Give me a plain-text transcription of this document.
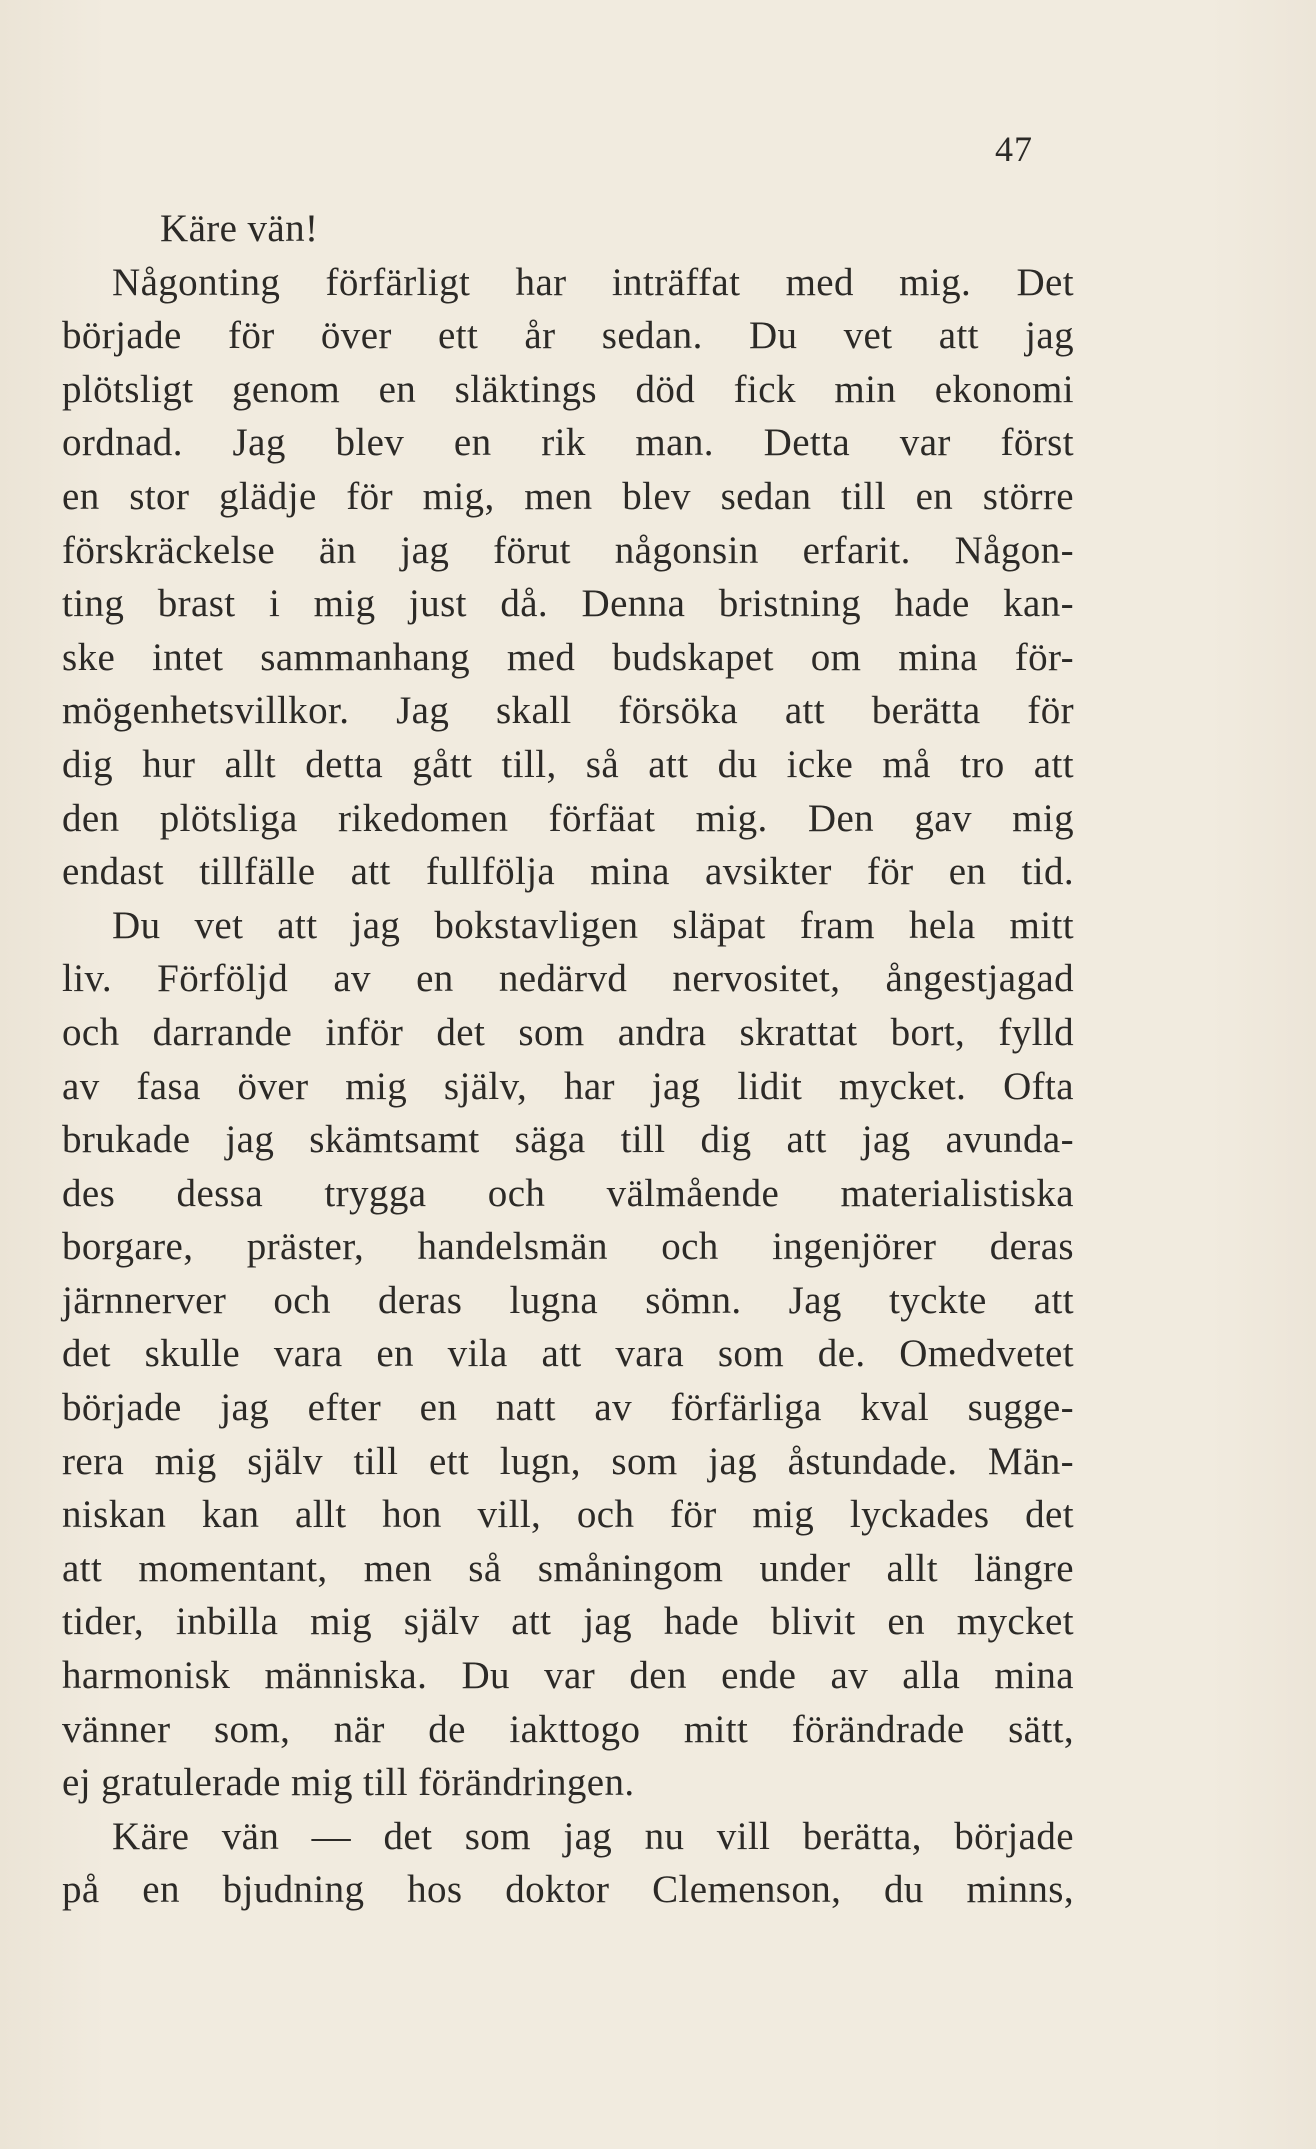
47
Käre vän!
Någonting förfärligt har inträffat med mig. Det
började för över ett år sedan. Du vet att jag
plötsligt genom en släktings död fick min ekonomi
ordnad. Jag blev en rik man. Detta var först
en stor glädje för mig, men blev sedan till en större
förskräckelse än jag förut någonsin erfarit. Någon-
ting brast i mig just då. Denna bristning hade kan-
ske intet sammanhang med budskapet om mina för-
mögenhetsvillkor. Jag skall försöka att berätta för
dig hur allt detta gått till, så att du icke må tro att
den plötsliga rikedomen förfäat mig. Den gav mig
endast tillfälle att fullfölja mina avsikter för en tid.
Du vet att jag bokstavligen släpat fram hela mitt
liv. Förföljd av en nedärvd nervositet, ångestjagad
och darrande inför det som andra skrattat bort, fylld
av fasa över mig själv, har jag lidit mycket. Ofta
brukade jag skämtsamt säga till dig att jag avunda-
des dessa trygga och välmående materialistiska
borgare, präster, handelsmän och ingenjörer deras
järnnerver och deras lugna sömn. Jag tyckte att
det skulle vara en vila att vara som de. Omedvetet
började jag efter en natt av förfärliga kval sugge-
rera mig själv till ett lugn, som jag åstundade. Män-
niskan kan allt hon vill, och för mig lyckades det
att momentant, men så småningom under allt längre
tider, inbilla mig själv att jag hade blivit en mycket
harmonisk människa. Du var den ende av alla mina
vänner som, när de iakttogo mitt förändrade sätt,
ej gratulerade mig till förändringen.
Käre vän — det som jag nu vill berätta, började
på en bjudning hos doktor Clemenson, du minns,
